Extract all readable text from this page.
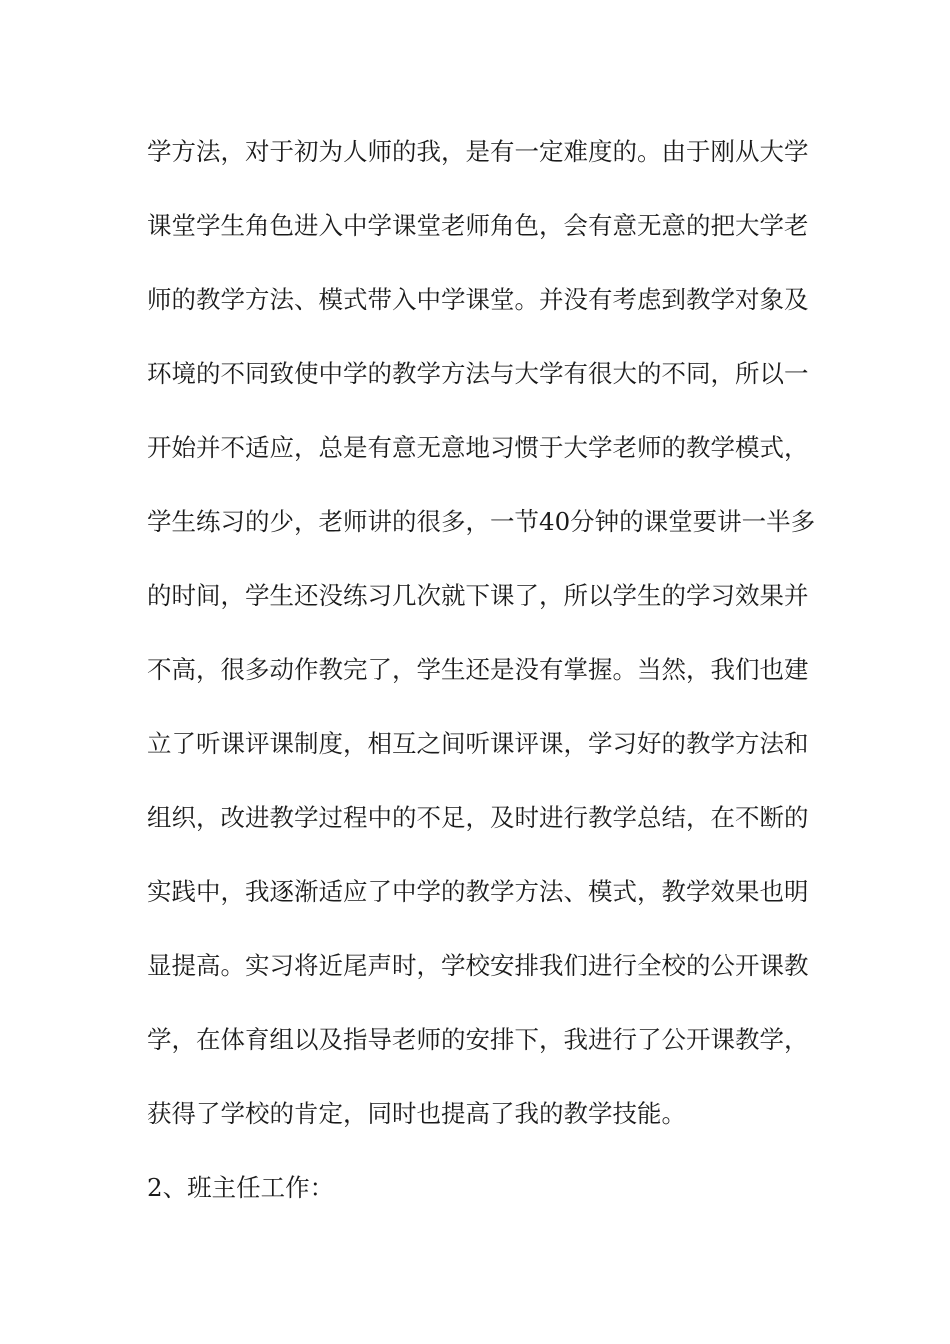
学方法，对于初为人师的我，是有一定难度的。由于刚从大学
课堂学生角色进入中学课堂老师角色，会有意无意的把大学老
师的教学方法、模式带入中学课堂。并没有考虑到教学对象及
环境的不同致使中学的教学方法与大学有很大的不同，所以一
开始并不适应，总是有意无意地习惯于大学老师的教学模式，
学生练习的少，老师讲的很多，一节40分钟的课堂要讲一半多
的时间，学生还没练习几次就下课了，所以学生的学习效果并
不高，很多动作教完了，学生还是没有掌握。当然，我们也建
立了听课评课制度，相互之间听课评课，学习好的教学方法和
组织，改进教学过程中的不足，及时进行教学总结，在不断的
实践中，我逐渐适应了中学的教学方法、模式，教学效果也明
显提高。实习将近尾声时，学校安排我们进行全校的公开课教
学，在体育组以及指导老师的安排下，我进行了公开课教学，
获得了学校的肯定，同时也提高了我的教学技能。
2、班主任工作：
